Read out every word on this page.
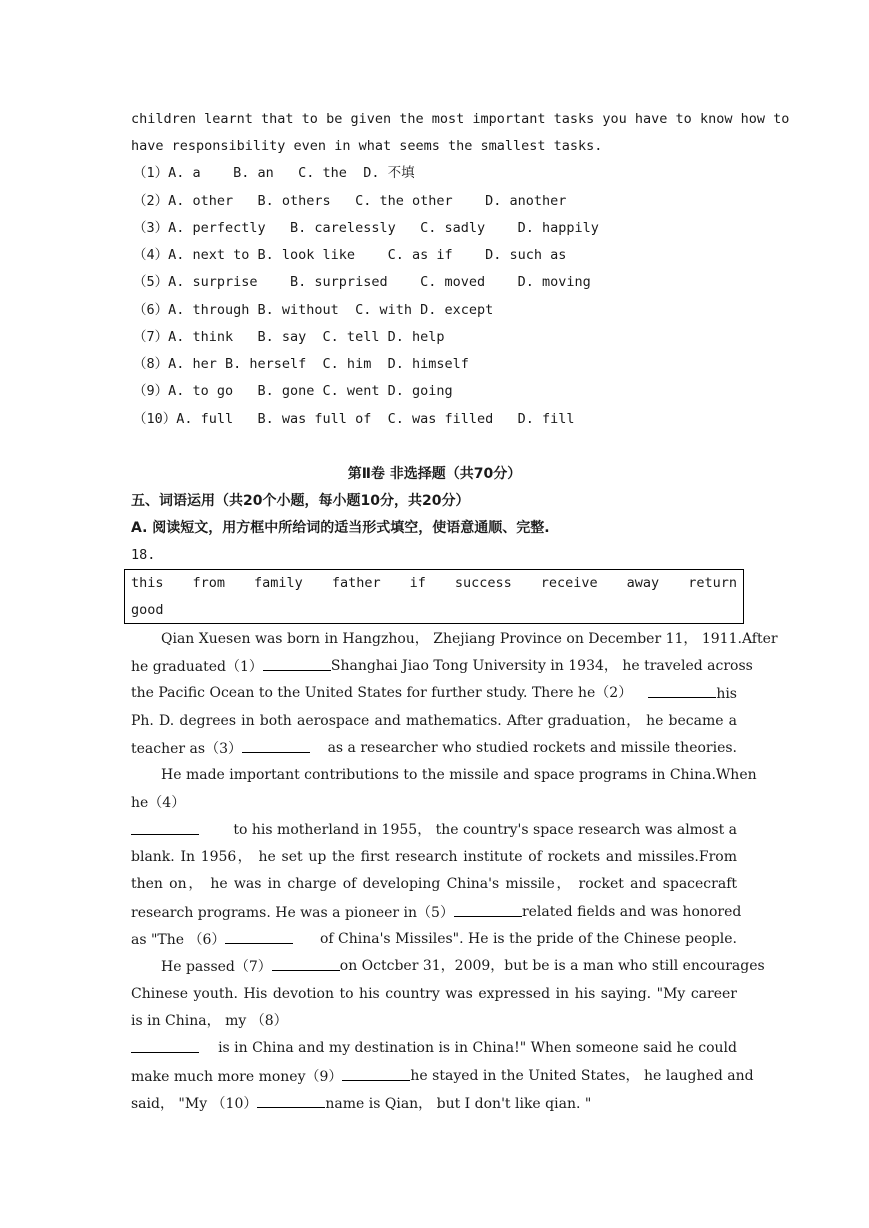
children learnt that to be given the most important tasks you have to know how to
have responsibility even in what seems the smallest tasks.
（1）A. a    B. an   C. the  D. 不填
（2）A. other   B. others   C. the other    D. another
（3）A. perfectly   B. carelessly   C. sadly    D. happily
（4）A. next to B. look like    C. as if    D. such as
（5）A. surprise    B. surprised    C. moved    D. moving
（6）A. through B. without  C. with D. except
（7）A. think   B. say  C. tell D. help
（8）A. her B. herself  C. him  D. himself
（9）A. to go   B. gone C. went D. going
（10）A. full   B. was full of  C. was filled   D. fill
第Ⅱ卷 非选择题（共70分）
五、词语运用（共20个小题，每小题10分，共20分）
A. 阅读短文，用方框中所给词的适当形式填空，使语意通顺、完整.
18.
this from family father if success receive away return
good
Qian Xuesen was born in Hangzhou， Zhejiang Province on December 11， 1911.After
he graduated（1）	Shanghai Jiao Tong University in 1934， he traveled across
the Pacific Ocean to the United States for further study. There he（2）	his
Ph. D. degrees in both aerospace and mathematics. After graduation， he became a
teacher as（3）	as a researcher who studied rockets and missile theories.
He made important contributions to the missile and space programs in China.When
he（4）
to his motherland in 1955， the country's space research was almost a
blank. In 1956， he set up the first research institute of rockets and missiles.From
then on， he was in charge of developing China's missile， rocket and spacecraft
research programs. He was a pioneer in（5）	related fields and was honored
as "The （6）	of China's Missiles". He is the pride of the Chinese people.
He passed（7）	on Octcber 31，2009，but be is a man who still encourages
Chinese youth. His devotion to his country was expressed in his saying. "My career
is in China， my （8）
is in China and my destination is in China!" When someone said he could
make much more money（9）	he stayed in the United States， he laughed and
said， "My （10）	name is Qian， but I don't like qian. "
